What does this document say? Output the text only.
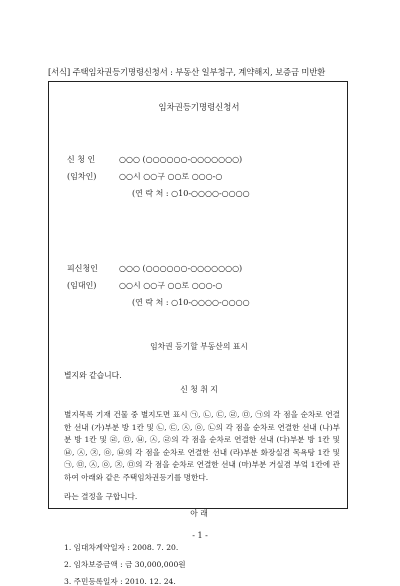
[서식] 주택임차권등기명령신청서 : 부동산 일부청구, 계약해지, 보증금 미반환
임차권등기명령신청서
신 청 인	○○○ (○○○○○○-○○○○○○○)
(임차인)	○○시 ○○구 ○○로 ○○○-○
(연 락 처 : ○10-○○○○-○○○○
피신청인	○○○ (○○○○○○-○○○○○○○)
(임대인)	○○시 ○○구 ○○로 ○○○-○
(연 락 처 : ○10-○○○○-○○○○
임차권 등기할 부동산의 표시
별지와 같습니다.
신 청 취 지
별지목록 기재 건물 중 별지도면 표시 ㉠, ㉡, ㉢, ㉣, ㉤, ㉠의 각 점을 순차로 연결한 선내 (가)부분 방 1칸 및 ㉡, ㉢, ㉦, ㉧, ㉡의 각 점을 순차로 연결한 선내 (나)부분 방 1칸 및 ㉣, ㉤, ㉥, ㉦, ㉣의 각 점을 순차로 연결한 선내 (다)부분 방 1칸 및 ㉥, ㉦, ㉨, ㉧, ㉥의 각 점을 순차로 연결한 선내 (라)부분 화장실겸 목욕탕 1칸 및 ㉠, ㉤, ㉦, ㉧, ㉨, ㉤의 각 점을 순차로 연결한 선내 (마)부분 거실겸 부엌 1칸에 관하여 아래와 같은 주택임차권등기를 명한다.
라는 결정을 구합니다.
아 래
1. 임대차계약일자 : 2008. 7. 20.
2. 임차보증금액 : 금 30,000,000원
3. 주민등록일자 : 2010. 12. 24.
- 1 -
